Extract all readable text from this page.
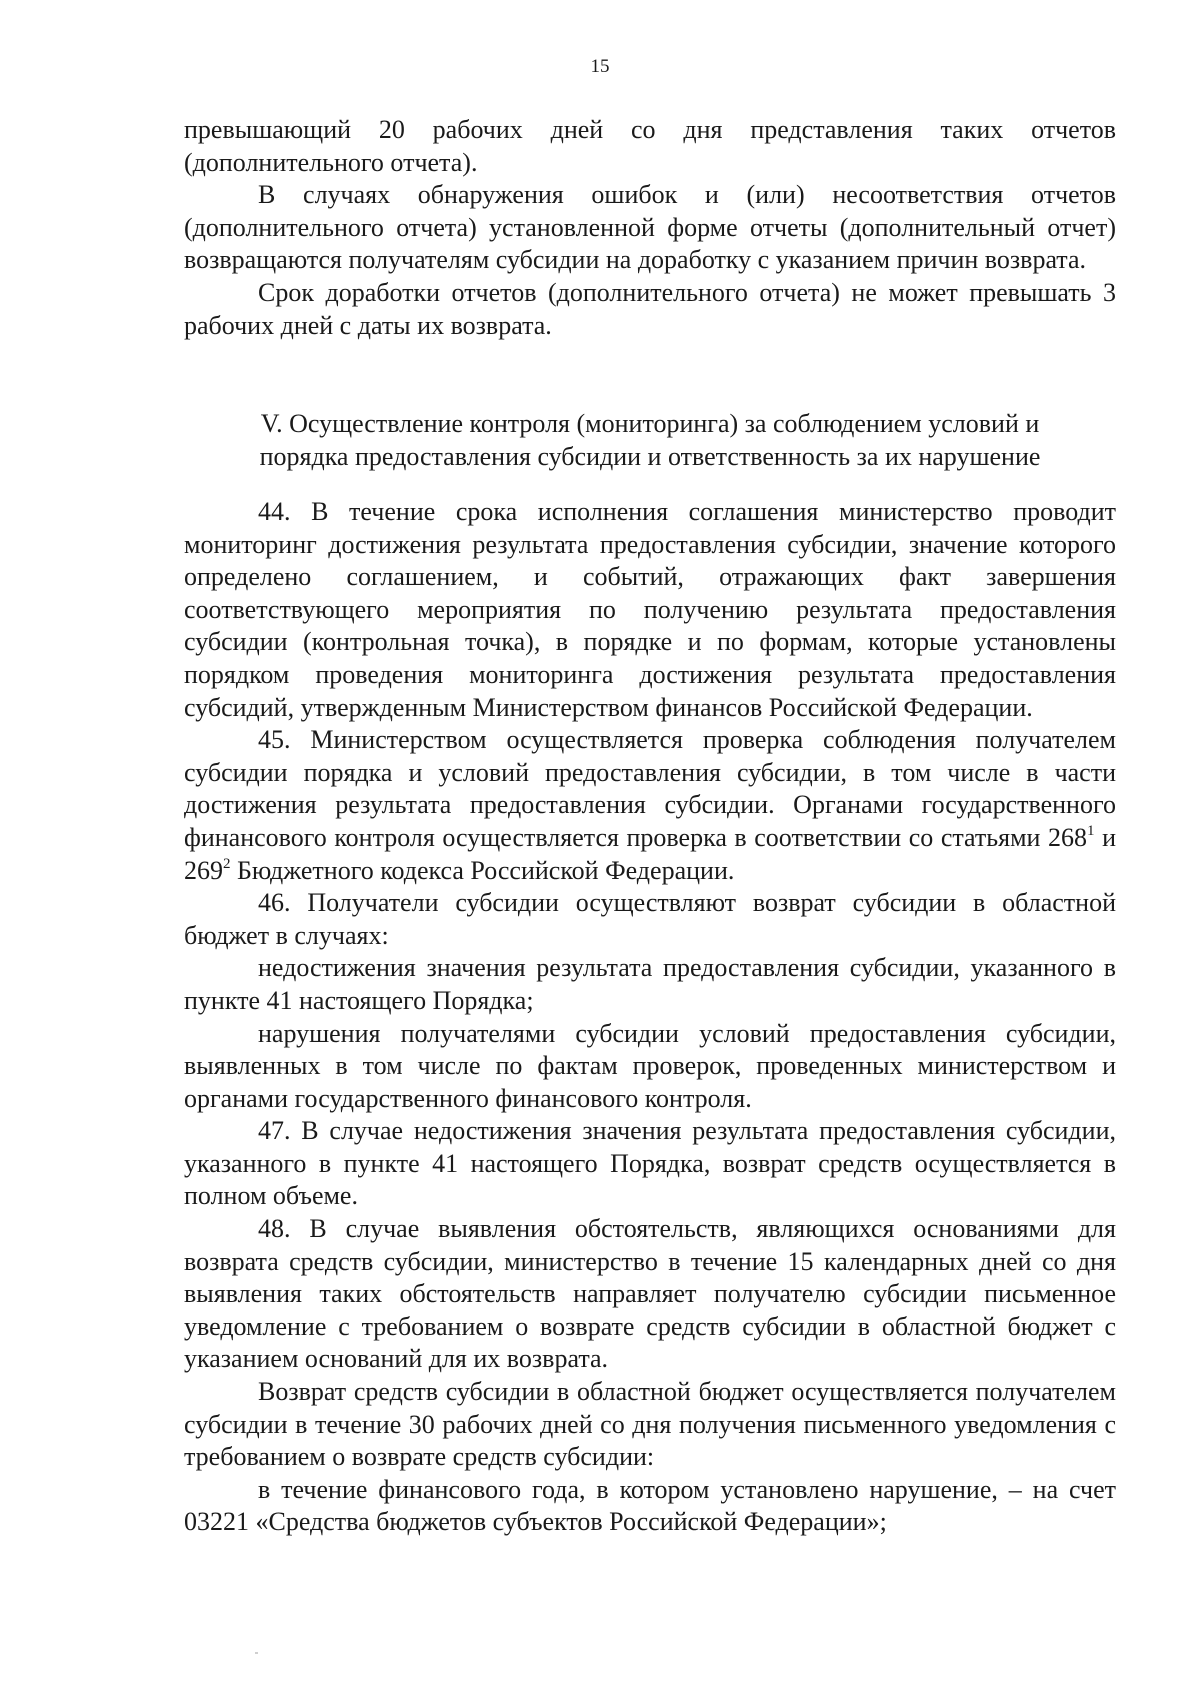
15

превышающий 20 рабочих дней со дня представления таких отчетов (дополнительного отчета).

В случаях обнаружения ошибок и (или) несоответствия отчетов (дополнительного отчета) установленной форме отчеты (дополнительный отчет) возвращаются получателям субсидии на доработку с указанием причин возврата.

Срок доработки отчетов (дополнительного отчета) не может превышать 3 рабочих дней с даты их возврата.

V. Осуществление контроля (мониторинга) за соблюдением условий и
порядка предоставления субсидии и ответственность за их нарушение

44. В течение срока исполнения соглашения министерство проводит мониторинг достижения результата предоставления субсидии, значение которого определено соглашением, и событий, отражающих факт завершения соответствующего мероприятия по получению результата предоставления субсидии (контрольная точка), в порядке и по формам, которые установлены порядком проведения мониторинга достижения результата предоставления субсидий, утвержденным Министерством финансов Российской Федерации.

45. Министерством осуществляется проверка соблюдения получателем субсидии порядка и условий предоставления субсидии, в том числе в части достижения результата предоставления субсидии. Органами государственного финансового контроля осуществляется проверка в соответствии со статьями $268^1$ и $269^2$ Бюджетного кодекса Российской Федерации.

46. Получатели субсидии осуществляют возврат субсидии в областной бюджет в случаях:

недостижения значения результата предоставления субсидии, указанного в пункте 41 настоящего Порядка;

нарушения получателями субсидии условий предоставления субсидии, выявленных в том числе по фактам проверок, проведенных министерством и органами государственного финансового контроля.

47. В случае недостижения значения результата предоставления субсидии, указанного в пункте 41 настоящего Порядка, возврат средств осуществляется в полном объеме.

48. В случае выявления обстоятельств, являющихся основаниями для возврата средств субсидии, министерство в течение 15 календарных дней со дня выявления таких обстоятельств направляет получателю субсидии письменное уведомление с требованием о возврате средств субсидии в областной бюджет с указанием оснований для их возврата.

Возврат средств субсидии в областной бюджет осуществляется получателем субсидии в течение 30 рабочих дней со дня получения письменного уведомления с требованием о возврате средств субсидии:

в течение финансового года, в котором установлено нарушение, – на счет 03221 «Средства бюджетов субъектов Российской Федерации»;
